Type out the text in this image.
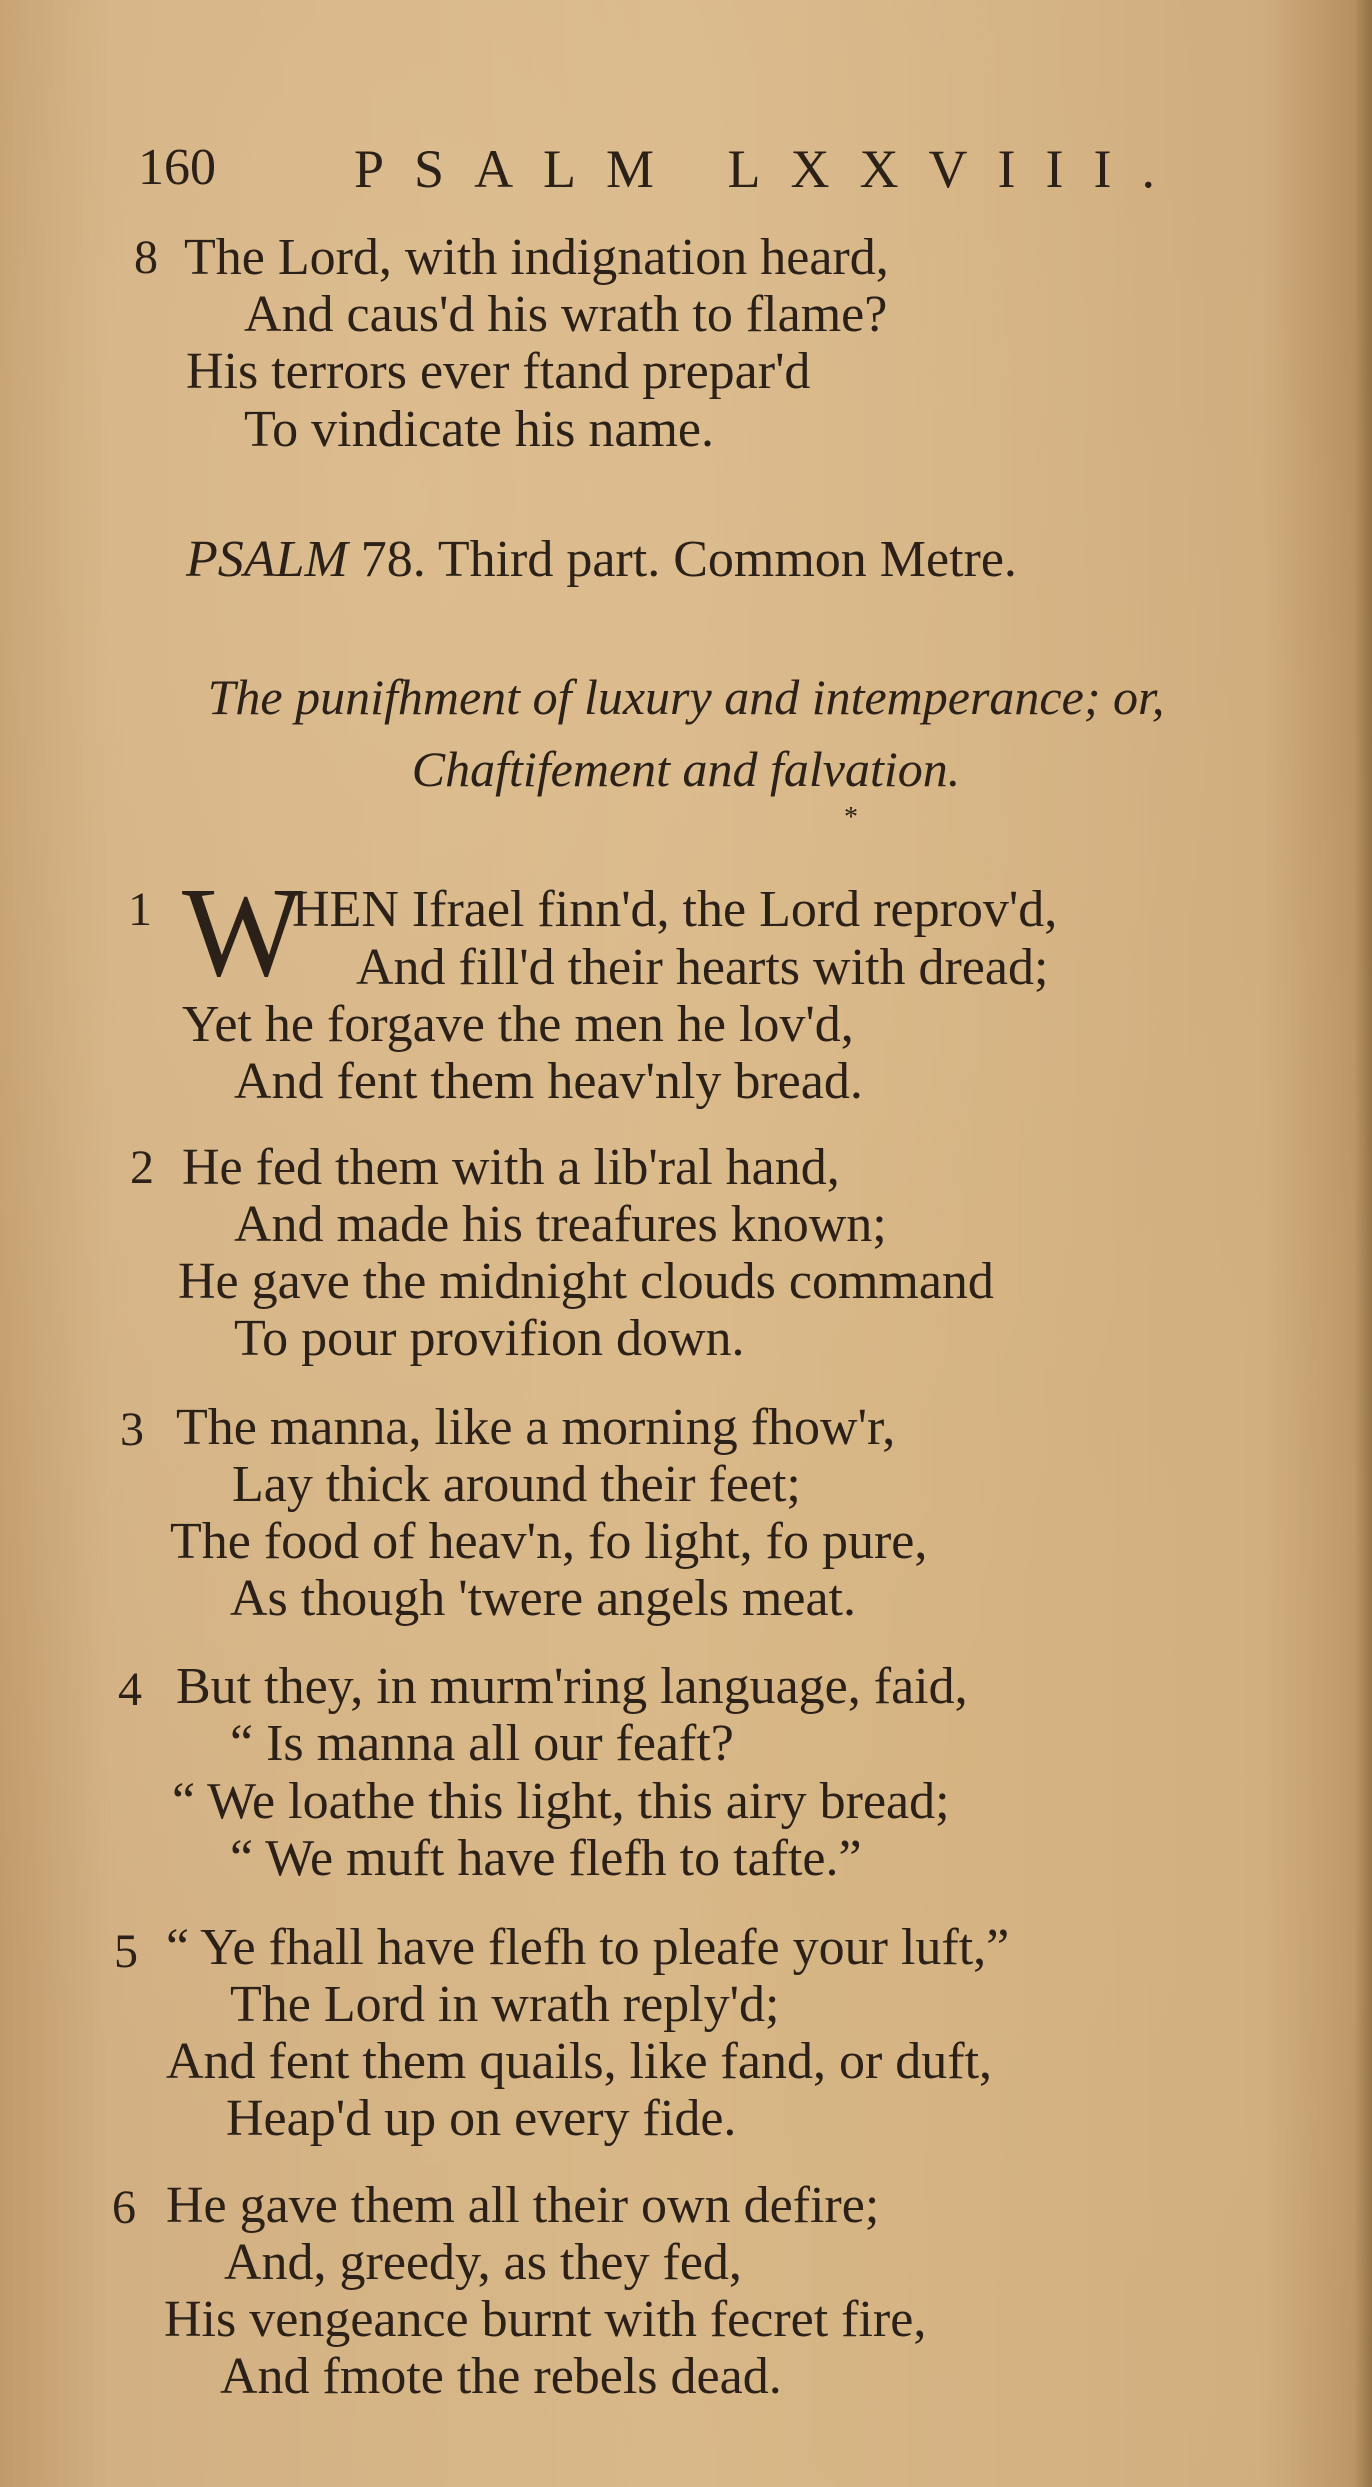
160	PSALM LXXVIII.
8 The Lord, with indignation heard,
And caus'd his wrath to flame?
His terrors ever ftand prepar'd
To vindicate his name.
PSALM 78. Third part. Common Metre.
The punifhment of luxury and intemperance; or,
Chaftifement and falvation.
*
1 W
HEN Ifrael finn'd, the Lord reprov'd,
And fill'd their hearts with dread;
Yet he forgave the men he lov'd,
And fent them heav'nly bread.
2 He fed them with a lib'ral hand,
And made his treafures known;
He gave the midnight clouds command
To pour provifion down.
3 The manna, like a morning fhow'r,
Lay thick around their feet;
The food of heav'n, fo light, fo pure,
As though 'twere angels meat.
4 But they, in murm'ring language, faid,
“ Is manna all our feaft?
“ We loathe this light, this airy bread;
“ We muft have flefh to tafte.”
5 “ Ye fhall have flefh to pleafe your luft,”
The Lord in wrath reply'd;
And fent them quails, like fand, or duft,
Heap'd up on every fide.
6 He gave them all their own defire;
And, greedy, as they fed,
His vengeance burnt with fecret fire,
And fmote the rebels dead.
